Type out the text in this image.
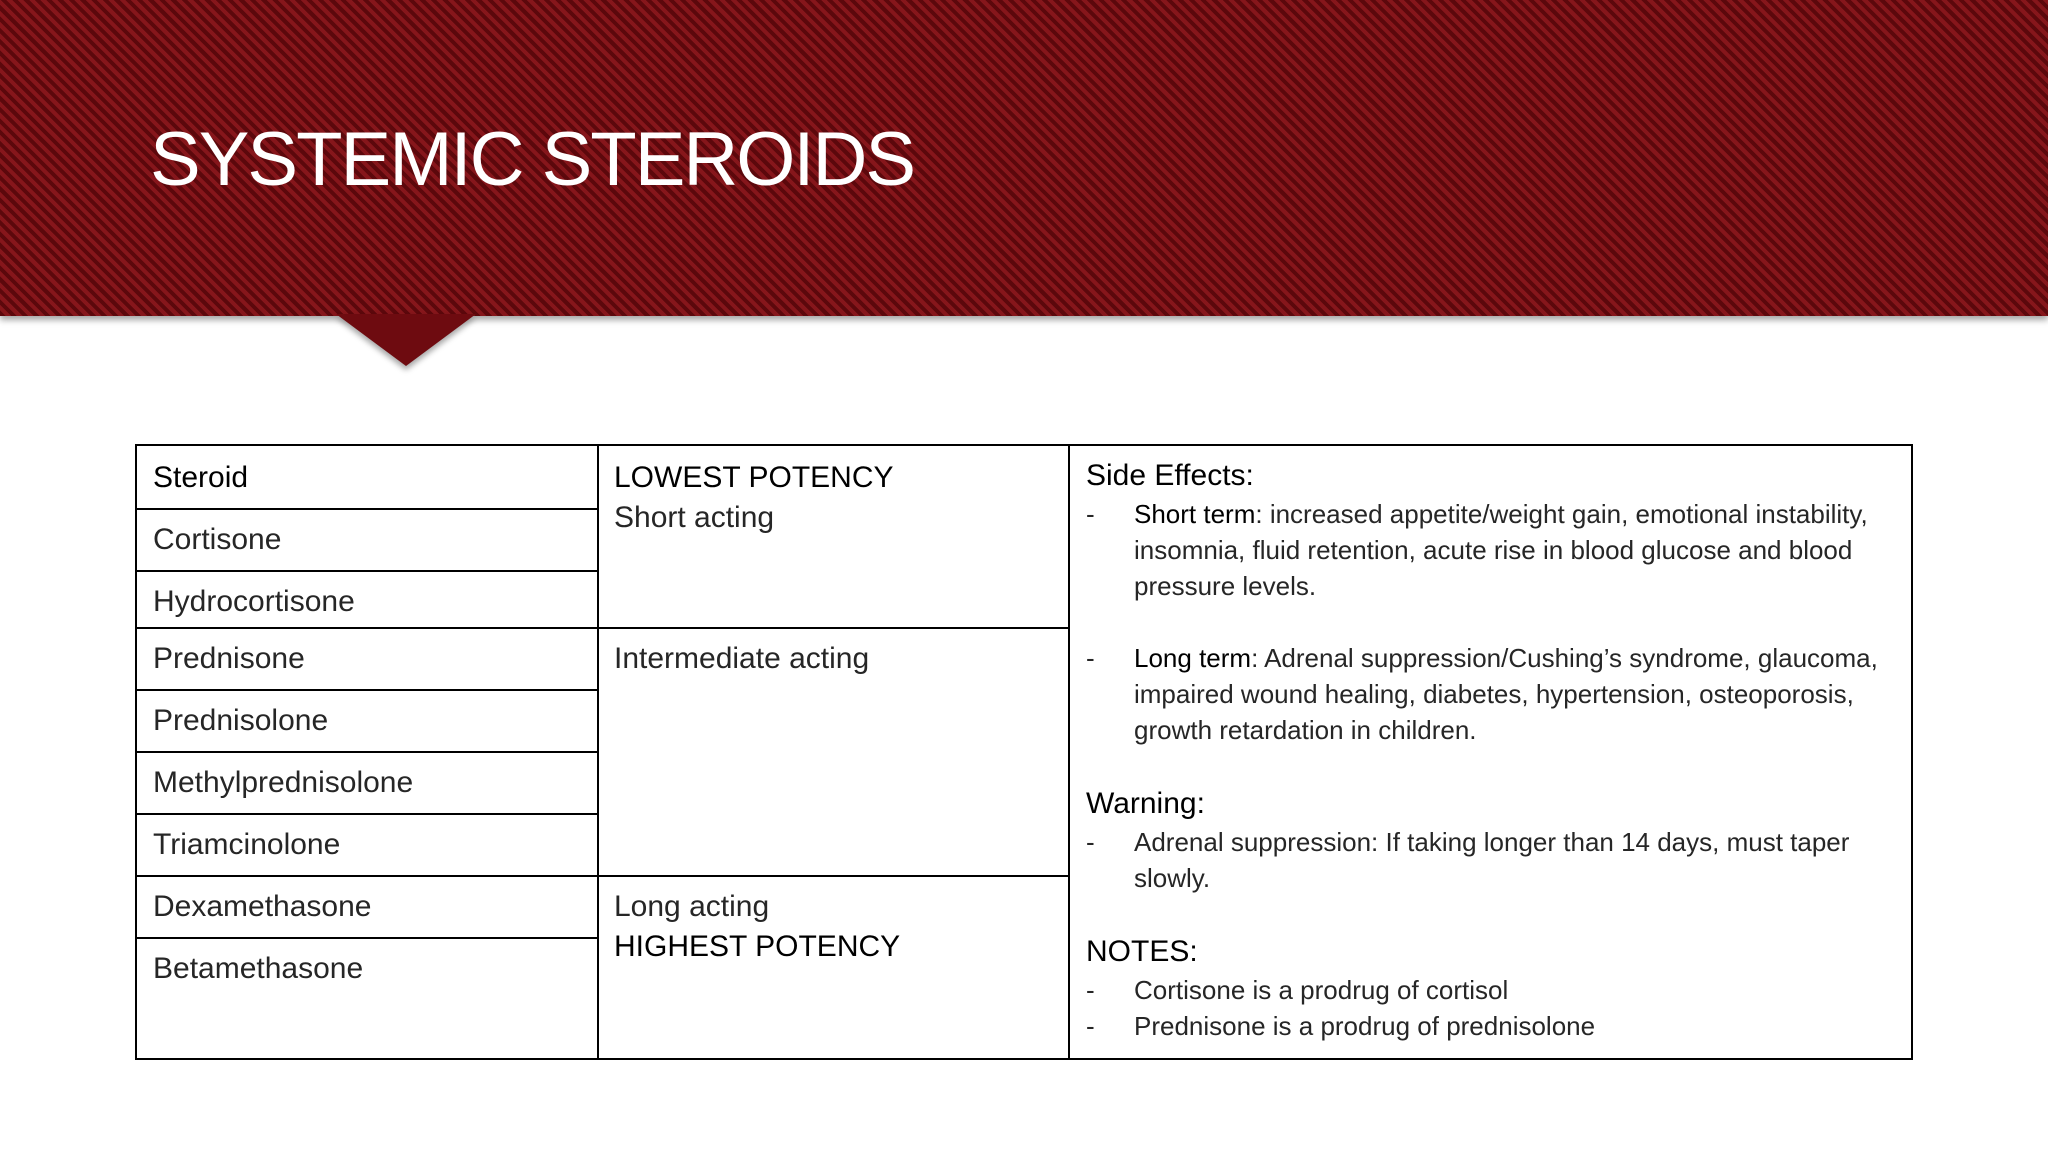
SYSTEMIC STEROIDS
Steroid
Cortisone
Hydrocortisone
Prednisone
Prednisolone
Methylprednisolone
Triamcinolone
Dexamethasone
Betamethasone
LOWEST POTENCY
Short acting
Intermediate acting
Long acting
HIGHEST POTENCY
Side Effects:
- Short term: increased appetite/weight gain, emotional instability, insomnia, fluid retention, acute rise in blood glucose and blood pressure levels.
- Long term: Adrenal suppression/Cushing’s syndrome, glaucoma, impaired wound healing, diabetes, hypertension, osteoporosis, growth retardation in children.
Warning:
- Adrenal suppression: If taking longer than 14 days, must taper slowly.
NOTES:
- Cortisone is a prodrug of cortisol
- Prednisone is a prodrug of prednisolone
